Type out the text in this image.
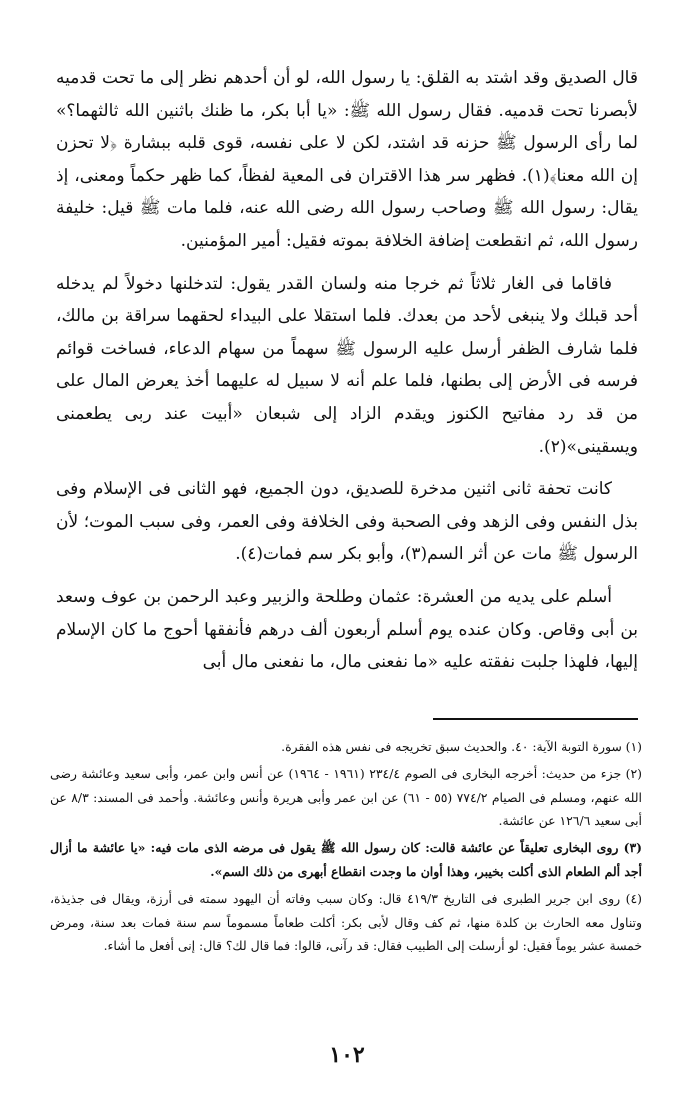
قال الصديق وقد اشتد به القلق: يا رسول الله، لو أن أحدهم نظر إلى ما تحت قدميه لأبصرنا تحت قدميه. فقال رسول الله ﷺ: «يا أبا بكر، ما ظنك باثنين الله ثالثهما؟» لما رأى الرسول ﷺ حزنه قد اشتد، لكن لا على نفسه، قوى قلبه ببشارة ﴿لا تحزن إن الله معنا﴾(١). فظهر سر هذا الاقتران فى المعية لفظاً، كما ظهر حكماً ومعنى، إذ يقال: رسول الله ﷺ وصاحب رسول الله رضى الله عنه، فلما مات ﷺ قيل: خليفة رسول الله، ثم انقطعت إضافة الخلافة بموته فقيل: أمير المؤمنين.

فاقاما فى الغار ثلاثاً ثم خرجا منه ولسان القدر يقول: لتدخلنها دخولاً لم يدخله أحد قبلك ولا ينبغى لأحد من بعدك. فلما استقلا على البيداء لحقهما سراقة بن مالك، فلما شارف الظفر أرسل عليه الرسول ﷺ سهماً من سهام الدعاء، فساخت قوائم فرسه فى الأرض إلى بطنها، فلما علم أنه لا سبيل له عليهما أخذ يعرض المال على من قد رد مفاتيح الكنوز ويقدم الزاد إلى شبعان «أبيت عند ربى يطعمنى ويسقينى»(٢).

كانت تحفة ثانى اثنين مدخرة للصديق، دون الجميع، فهو الثانى فى الإسلام وفى بذل النفس وفى الزهد وفى الصحبة وفى الخلافة وفى العمر، وفى سبب الموت؛ لأن الرسول ﷺ مات عن أثر السم(٣)، وأبو بكر سم فمات(٤).

أسلم على يديه من العشرة: عثمان وطلحة والزبير وعبد الرحمن بن عوف وسعد بن أبى وقاص. وكان عنده يوم أسلم أربعون ألف درهم فأنفقها أحوج ما كان الإسلام إليها، فلهذا جلبت نفقته عليه «ما نفعنى مال، ما نفعنى مال أبى

(١) سورة التوبة الآية: ٤٠. والحديث سبق تخريجه فى نفس هذه الفقرة.

(٢) جزء من حديث: أخرجه البخارى فى الصوم ٢٣٤/٤ (١٩٦١ - ١٩٦٤) عن أنس وابن عمر، وأبى سعيد وعائشة رضى الله عنهم، ومسلم فى الصيام ٧٧٤/٢ (٥٥ - ٦١) عن ابن عمر وأبى هريرة وأنس وعائشة. وأحمد فى المسند: ٨/٣ عن أبى سعيد ١٢٦/٦ عن عائشة.

(٣) روى البخارى تعليقاً عن عائشة قالت: كان رسول الله ﷺ يقول فى مرضه الذى مات فيه: «يا عائشة ما أزال أجد ألم الطعام الذى أكلت بخيبر، وهذا أوان ما وجدت انقطاع أبهرى من ذلك السم».

(٤) روى ابن جرير الطبرى فى التاريخ ٤١٩/٣ قال: وكان سبب وفاته أن اليهود سمته فى أرزة، ويقال فى جذيذة، وتناول معه الحارث بن كلدة منها، ثم كف وقال لأبى بكر: أكلت طعاماً مسموماً سم سنة فمات بعد سنة، ومرض خمسة عشر يوماً فقيل: لو أرسلت إلى الطبيب فقال: قد رآنى، قالوا: فما قال لك؟ قال: إنى أفعل ما أشاء.

١٠٢
